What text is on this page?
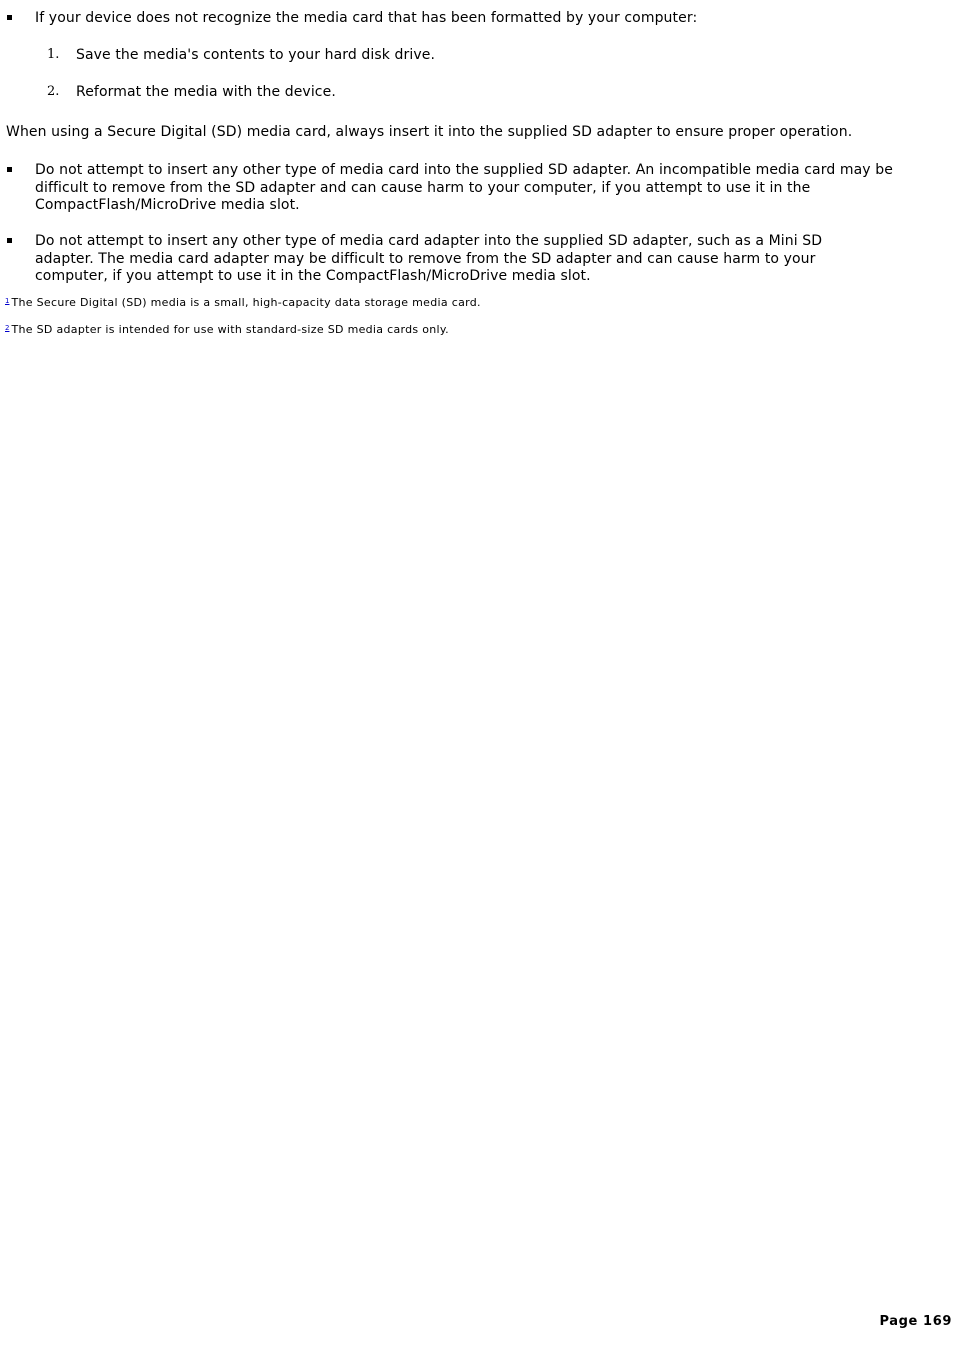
If your device does not recognize the media card that has been formatted by your computer:
1. Save the media's contents to your hard disk drive.
2. Reformat the media with the device.
When using a Secure Digital (SD) media card, always insert it into the supplied SD adapter to ensure proper operation.
Do not attempt to insert any other type of media card into the supplied SD adapter. An incompatible media card may be difficult to remove from the SD adapter and can cause harm to your computer, if you attempt to use it in the CompactFlash/MicroDrive media slot.
Do not attempt to insert any other type of media card adapter into the supplied SD adapter, such as a Mini SD adapter. The media card adapter may be difficult to remove from the SD adapter and can cause harm to your computer, if you attempt to use it in the CompactFlash/MicroDrive media slot.
$^1$ The Secure Digital (SD) media is a small, high-capacity data storage media card.
$^2$ The SD adapter is intended for use with standard-size SD media cards only.
Page 169
